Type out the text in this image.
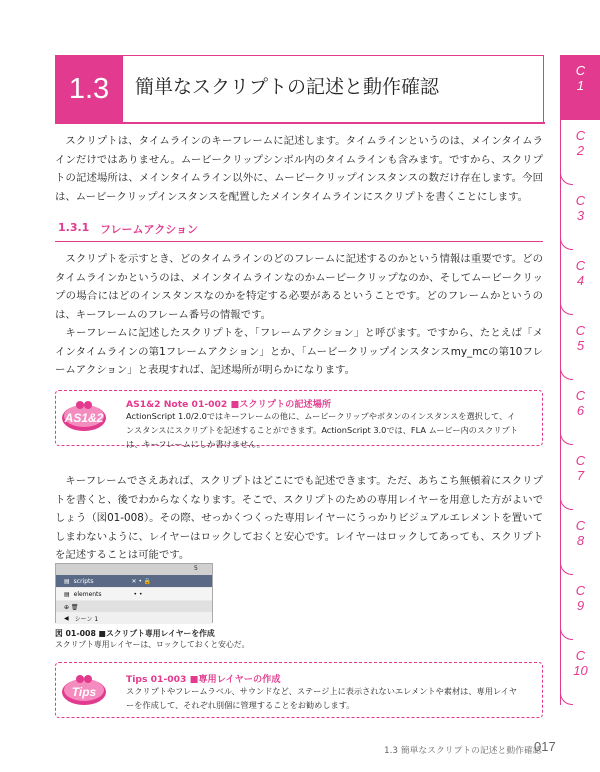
1.3	簡単なスクリプトの記述と動作確認
C
1
C
2
C
3
C
4
C
5
C
6
C
7
C
8
C
9
C
10
スクリプトは、タイムラインのキーフレームに記述します。タイムラインというのは、メインタイムラインだけではありません。ムービークリップシンボル内のタイムラインも含みます。ですから、スクリプトの記述場所は、メインタイムライン以外に、ムービークリップインスタンスの数だけ存在します。今回は、ムービークリップインスタンスを配置したメインタイムラインにスクリプトを書くことにします。
1.3.1 フレームアクション
スクリプトを示すとき、どのタイムラインのどのフレームに記述するのかという情報は重要です。どのタイムラインかというのは、メインタイムラインなのかムービークリップなのか、そしてムービークリップの場合にはどのインスタンスなのかを特定する必要があるということです。どのフレームかというのは、キーフレームのフレーム番号の情報です。
キーフレームに記述したスクリプトを、「フレームアクション」と呼びます。ですから、たとえば「メインタイムラインの第1フレームアクション」とか、「ムービークリップインスタンスmy_mcの第10フレームアクション」と表現すれば、記述場所が明らかになります。
AS1&2
AS1&2 Note 01-002 ■スクリプトの記述場所
ActionScript 1.0/2.0ではキーフレームの他に、ムービークリップやボタンのインスタンスを選択して、インスタンスにスクリプトを記述することができます。ActionScript 3.0では、FLA ムービー内のスクリプトは、キーフレームにしか書けません。
キーフレームでさえあれば、スクリプトはどこにでも記述できます。ただ、あちこち無頓着にスクリプトを書くと、後でわからなくなります。そこで、スクリプトのための専用レイヤーを用意した方がよいでしょう（図01-008）。その際、せっかくつくった専用レイヤーにうっかりビジュアルエレメントを置いてしまわないように、レイヤーはロックしておくと安心です。レイヤーはロックしてあっても、スクリプトを記述することは可能です。
5
▤ scripts	✕ • 🔒
▤ elements	• •
⊕ 🗑
◀ シーン 1
図 01-008 ■スクリプト専用レイヤーを作成
スクリプト専用レイヤーは、ロックしておくと安心だ。
Tips
Tips 01-003 ■専用レイヤーの作成
スクリプトやフレームラベル、サウンドなど、ステージ上に表示されないエレメントや素材は、専用レイヤーを作成して、それぞれ別個に管理することをお勧めします。
1.3 簡単なスクリプトの記述と動作確認
017
